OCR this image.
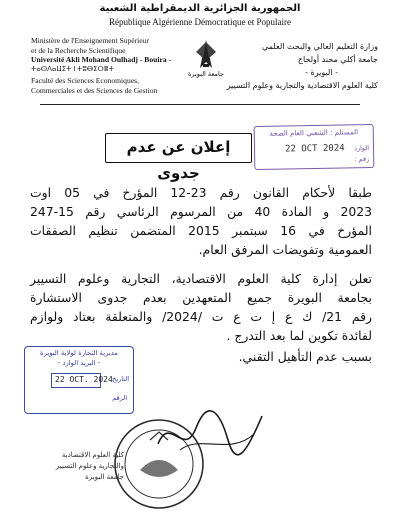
الجمهورية الجزائرية الديمقراطية الشعبية
République Algérienne Démocratique et Populaire
Ministère de l'Enseignement Supérieur
et de la Recherche Scientifique
Université Akli Mohand Oulhadj - Bouira -
ⵜⴰⵙⴷⴰⵡⵉⵜ ⵏ ⵜⵓⴱⵉⵔⴻⵜ
Faculté des Sciences Economiques,
Commerciales et des Sciences de Gestion
وزارة التعليم العالي والبحث العلمي
جامعة أكلي محند أولحاج
- البويرة -
كلية العلوم الاقتصادية والتجارية وعلوم التسيير
جامعة البويرة
المستلم : الشعبي العام الصحة
22 OCT 2024 الوارد
رقم :
إعلان عن عدم جدوى
طبقا لأحكام القانون رقم 23-12 المؤرخ في 05 اوت
2023 و المادة 40 من المرسوم الرئاسي رقم 15-247
المؤرخ في 16 سبتمبر 2015 المتضمن تنظيم الصفقات
العمومية وتفويضات المرفق العام.
تعلن إدارة كلية العلوم الاقتصادية، التجارية وعلوم التسيير
بجامعة البويرة جميع المتعهدين بعدم جدوى الاستشارة
رقم 21/ ك ع إ ت ع ت /2024/ والمتعلقة بعتاد ولوازم
لفائدة تكوين لما بعد التدرج .
بسبب عدم التأهيل التقني.
مديرية التجارة لولاية البويرة
- البريد الوارد -
22 OCT. 2024 التاريخ
الرقم
كلية العلوم الاقتصادية
والتجارية وعلوم التسيير
جامعة البويرة
